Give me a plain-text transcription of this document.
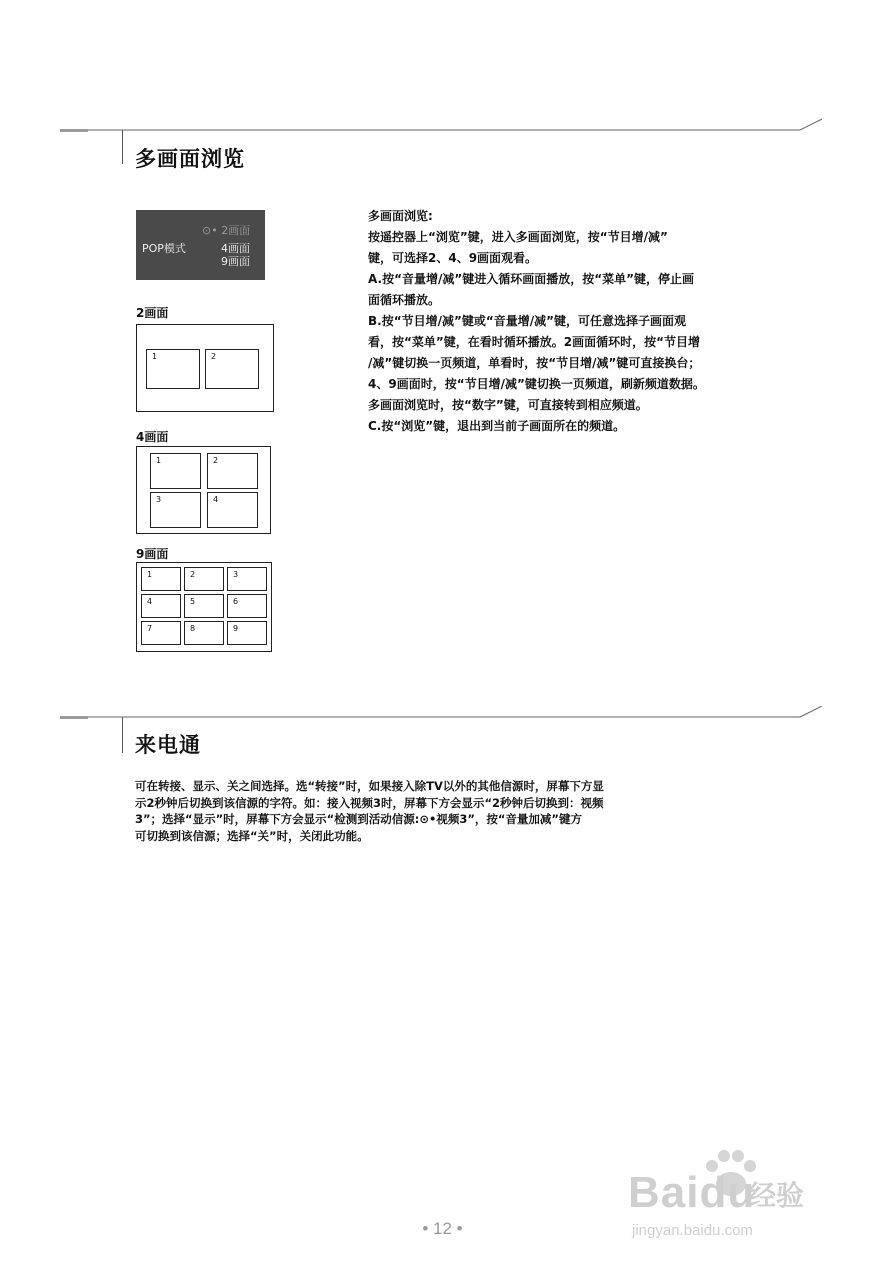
多画面浏览
⊙• 2画面
POP模式	4画面
9画面
2画面
1	2
4画面
1	2
3	4
9画面
1	2	3
4	5	6
7	8	9

多画面浏览:

按遥控器上“浏览”键，进入多画面浏览，按“节目增/减”

键，可选择2、4、9画面观看。

A.按“音量增/减”键进入循环画面播放，按“菜单”键，停止画

面循环播放。

B.按“节目增/减”键或“音量增/减”键，可任意选择子画面观

看，按“菜单”键，在看时循环播放。2画面循环时，按“节目增

/减”键切换一页频道，单看时，按“节目增/减”键可直接换台；

4、9画面时，按“节目增/减”键切换一页频道，刷新频道数据。

多画面浏览时，按“数字”键，可直接转到相应频道。

C.按“浏览”键，退出到当前子画面所在的频道。

来电通

可在转接、显示、关之间选择。选“转接”时，如果接入除TV以外的其他信源时，屏幕下方显

示2秒钟后切换到该信源的字符。如：接入视频3时，屏幕下方会显示“2秒钟后切换到：视频

3”；选择“显示”时，屏幕下方会显示“检测到活动信源:⊙•视频3”，按“音量加减”键方

可切换到该信源；选择“关”时，关闭此功能。

Baidu
经验
jingyan.baidu.com
• 12 •
